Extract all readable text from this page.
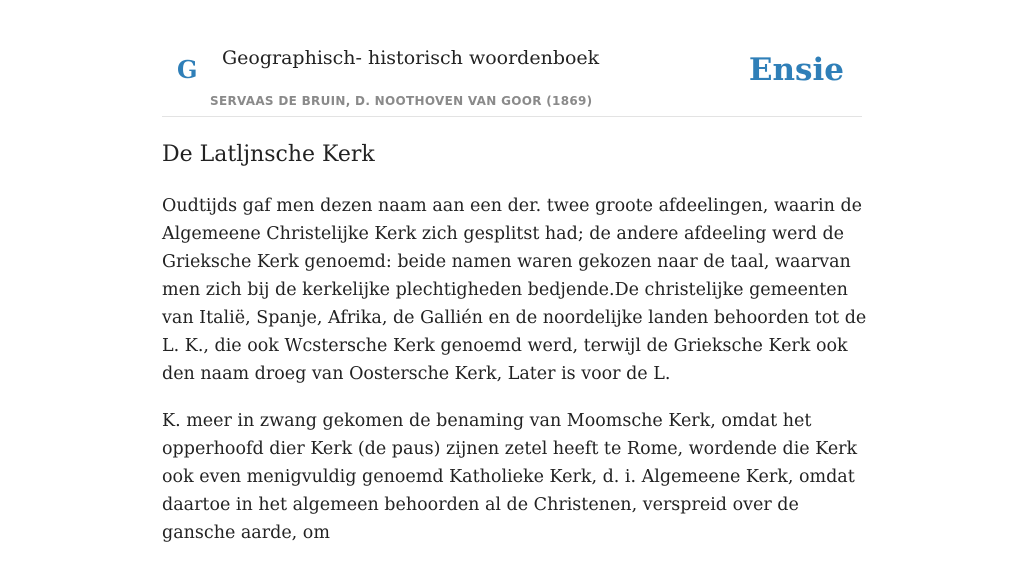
G Geographisch- historisch woordenboek
SERVAAS DE BRUIN, D. NOOTHOVEN VAN GOOR (1869)
Ensie
De Latljnsche Kerk

Oudtijds gaf men dezen naam aan een der. twee groote afdeelingen, waarin de Algemeene Christelijke Kerk zich gesplitst had; de andere afdeeling werd de Grieksche Kerk genoemd: beide namen waren gekozen naar de taal, waarvan men zich bij de kerkelijke plechtigheden bedjende.De christelijke gemeenten van Italië, Spanje, Afrika, de Gallién en de noordelijke landen behoorden tot de L. K., die ook Wcstersche Kerk genoemd werd, terwijl de Grieksche Kerk ook den naam droeg van Oostersche Kerk, Later is voor de L.

K. meer in zwang gekomen de benaming van Moomsche Kerk, omdat het opperhoofd dier Kerk (de paus) zijnen zetel heeft te Rome, wordende die Kerk ook even menigvuldig genoemd Katholieke Kerk, d. i. Algemeene Kerk, omdat daartoe in het algemeen behoorden al de Christenen, verspreid over de gansche aarde, om
